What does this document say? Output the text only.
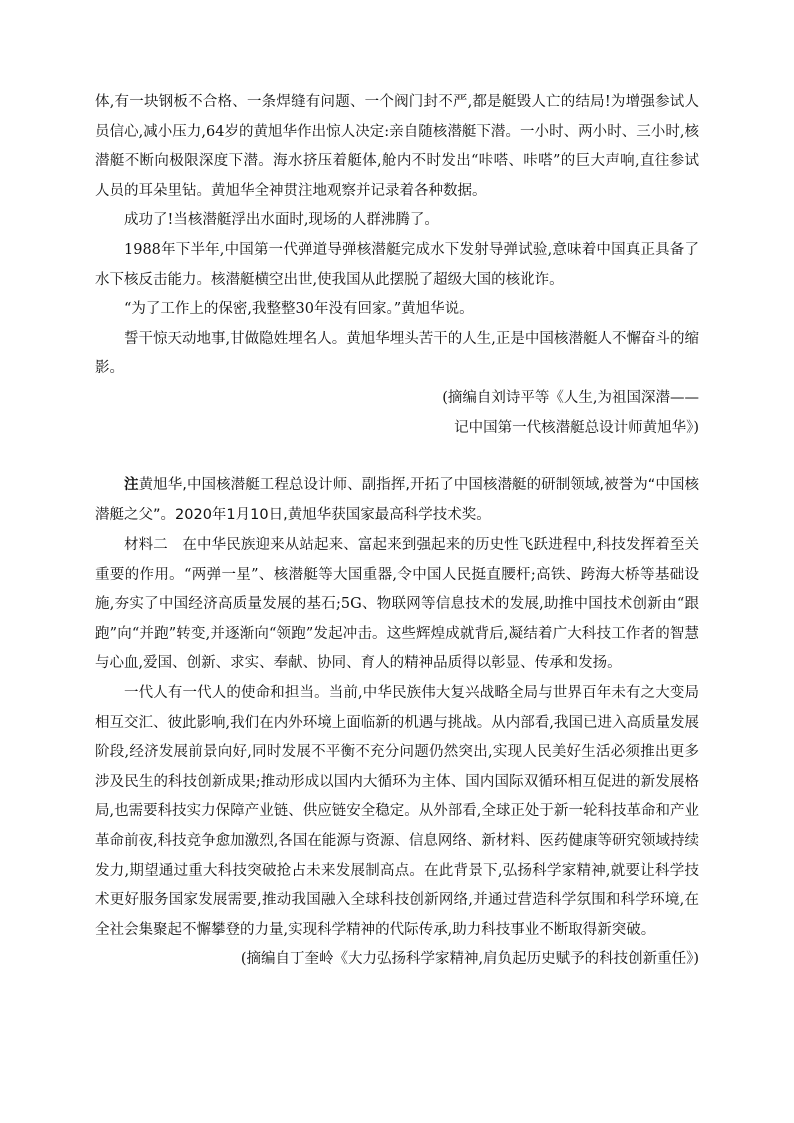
体,有一块钢板不合格、一条焊缝有问题、一个阀门封不严,都是艇毁人亡的结局!为增强参试人员信心,减小压力,64岁的黄旭华作出惊人决定:亲自随核潜艇下潜。一小时、两小时、三小时,核潜艇不断向极限深度下潜。海水挤压着艇体,舱内不时发出“咔嗒、咔嗒”的巨大声响,直往参试人员的耳朵里钻。黄旭华全神贯注地观察并记录着各种数据。

成功了!当核潜艇浮出水面时,现场的人群沸腾了。

1988年下半年,中国第一代弹道导弹核潜艇完成水下发射导弹试验,意味着中国真正具备了水下核反击能力。核潜艇横空出世,使我国从此摆脱了超级大国的核讹诈。

“为了工作上的保密,我整整30年没有回家。”黄旭华说。

誓干惊天动地事,甘做隐姓埋名人。黄旭华埋头苦干的人生,正是中国核潜艇人不懈奋斗的缩影。

(摘编自刘诗平等《人生,为祖国深潜——

记中国第一代核潜艇总设计师黄旭华》)

注黄旭华,中国核潜艇工程总设计师、副指挥,开拓了中国核潜艇的研制领域,被誉为“中国核潜艇之父”。2020年1月10日,黄旭华获国家最高科学技术奖。

材料二 在中华民族迎来从站起来、富起来到强起来的历史性飞跃进程中,科技发挥着至关重要的作用。“两弹一星”、核潜艇等大国重器,令中国人民挺直腰杆;高铁、跨海大桥等基础设施,夯实了中国经济高质量发展的基石;5G、物联网等信息技术的发展,助推中国技术创新由“跟跑”向“并跑”转变,并逐渐向“领跑”发起冲击。这些辉煌成就背后,凝结着广大科技工作者的智慧与心血,爱国、创新、求实、奉献、协同、育人的精神品质得以彰显、传承和发扬。

一代人有一代人的使命和担当。当前,中华民族伟大复兴战略全局与世界百年未有之大变局相互交汇、彼此影响,我们在内外环境上面临新的机遇与挑战。从内部看,我国已进入高质量发展阶段,经济发展前景向好,同时发展不平衡不充分问题仍然突出,实现人民美好生活必须推出更多涉及民生的科技创新成果;推动形成以国内大循环为主体、国内国际双循环相互促进的新发展格局,也需要科技实力保障产业链、供应链安全稳定。从外部看,全球正处于新一轮科技革命和产业革命前夜,科技竞争愈加激烈,各国在能源与资源、信息网络、新材料、医药健康等研究领域持续发力,期望通过重大科技突破抢占未来发展制高点。在此背景下,弘扬科学家精神,就要让科学技术更好服务国家发展需要,推动我国融入全球科技创新网络,并通过营造科学氛围和科学环境,在全社会集聚起不懈攀登的力量,实现科学精神的代际传承,助力科技事业不断取得新突破。

(摘编自丁奎岭《大力弘扬科学家精神,肩负起历史赋予的科技创新重任》)
